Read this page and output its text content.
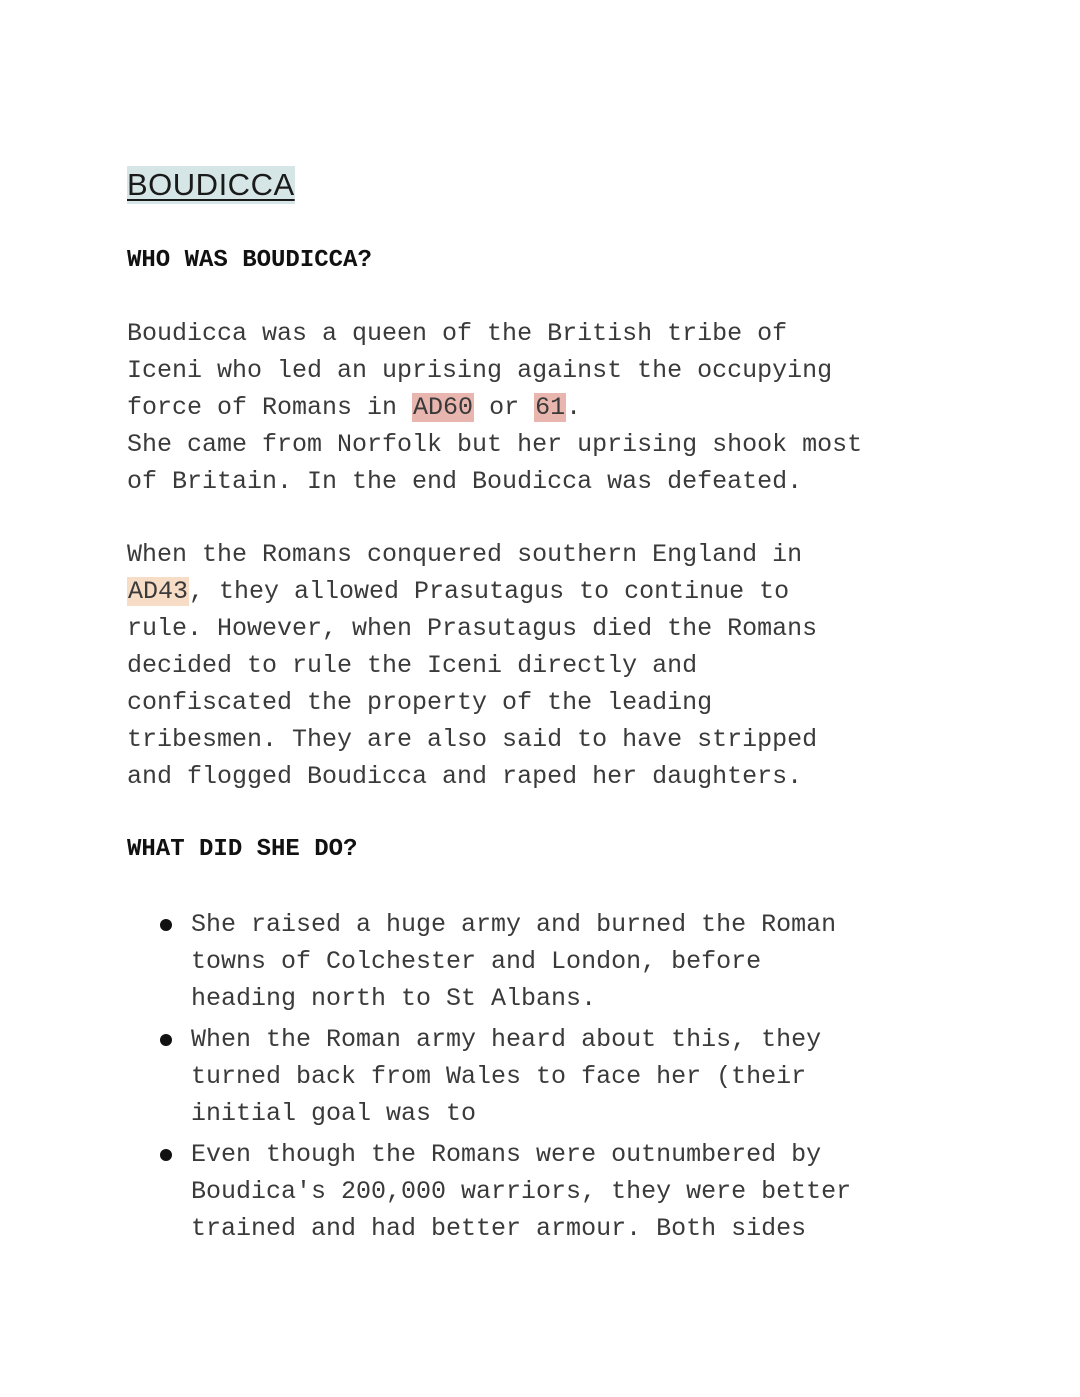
BOUDICCA
WHO WAS BOUDICCA?

Boudicca was a queen of the British tribe of
Iceni who led an uprising against the occupying
force of Romans in AD60 or 61.
She came from Norfolk but her uprising shook most
of Britain. In the end Boudicca was defeated.

When the Romans conquered southern England in
AD43, they allowed Prasutagus to continue to
rule. However, when Prasutagus died the Romans
decided to rule the Iceni directly and
confiscated the property of the leading
tribesmen. They are also said to have stripped
and flogged Boudicca and raped her daughters.

WHAT DID SHE DO?
She raised a huge army and burned the Roman
towns of Colchester and London, before
heading north to St Albans.
When the Roman army heard about this, they
turned back from Wales to face her (their
initial goal was to
Even though the Romans were outnumbered by
Boudica's 200,000 warriors, they were better
trained and had better armour. Both sides
